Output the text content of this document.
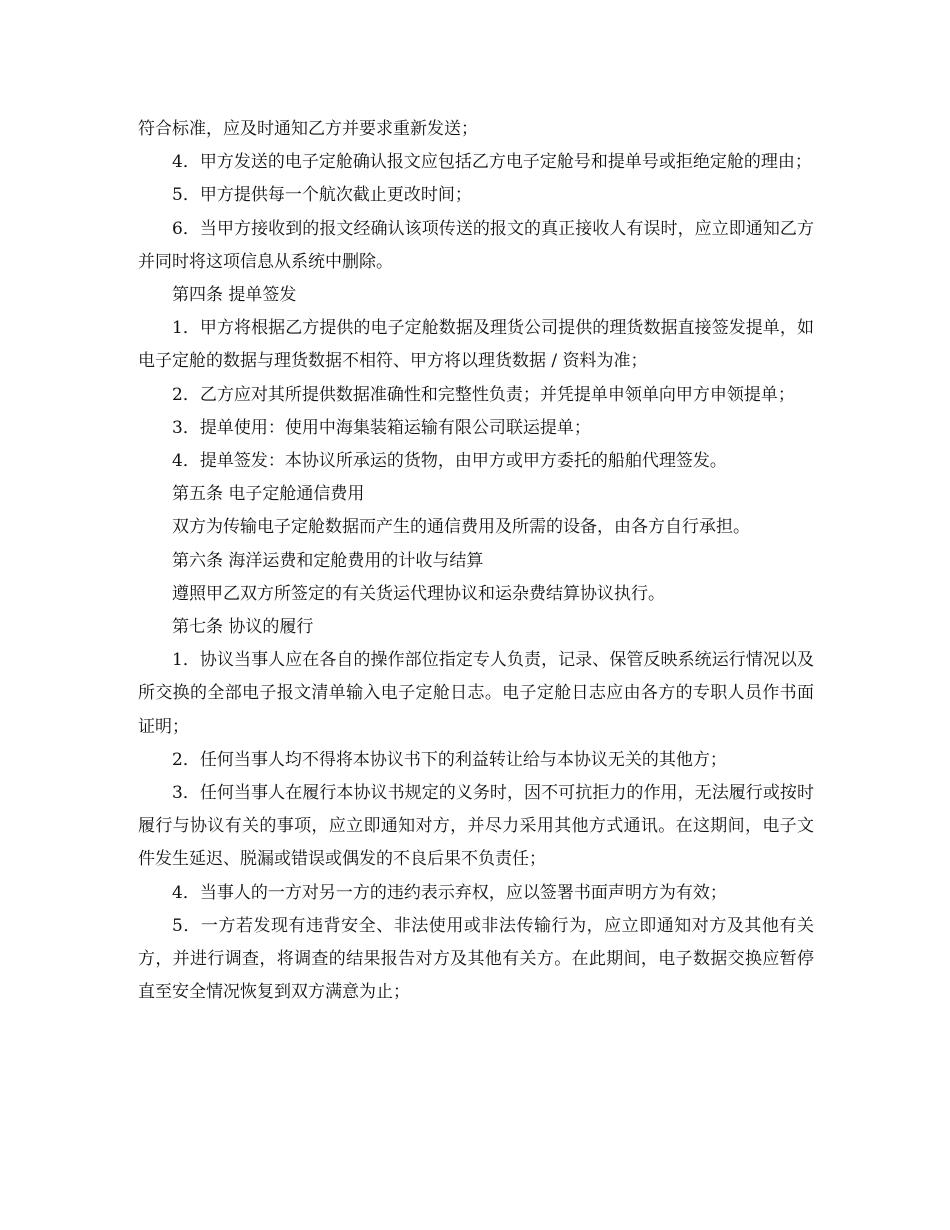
符合标准，应及时通知乙方并要求重新发送；

4．甲方发送的电子定舱确认报文应包括乙方电子定舱号和提单号或拒绝定舱的理由；

5．甲方提供每一个航次截止更改时间；

6．当甲方接收到的报文经确认该项传送的报文的真正接收人有误时，应立即通知乙方并同时将这项信息从系统中删除。

第四条 提单签发

1．甲方将根据乙方提供的电子定舱数据及理货公司提供的理货数据直接签发提单，如电子定舱的数据与理货数据不相符、甲方将以理货数据 / 资料为准；

2．乙方应对其所提供数据准确性和完整性负责；并凭提单申领单向甲方申领提单；

3．提单使用：使用中海集装箱运输有限公司联运提单；

4．提单签发：本协议所承运的货物，由甲方或甲方委托的船舶代理签发。

第五条 电子定舱通信费用

双方为传输电子定舱数据而产生的通信费用及所需的设备，由各方自行承担。

第六条 海洋运费和定舱费用的计收与结算

遵照甲乙双方所签定的有关货运代理协议和运杂费结算协议执行。

第七条 协议的履行

1．协议当事人应在各自的操作部位指定专人负责，记录、保管反映系统运行情况以及所交换的全部电子报文清单输入电子定舱日志。电子定舱日志应由各方的专职人员作书面证明；

2．任何当事人均不得将本协议书下的利益转让给与本协议无关的其他方；

3．任何当事人在履行本协议书规定的义务时，因不可抗拒力的作用，无法履行或按时履行与协议有关的事项，应立即通知对方，并尽力采用其他方式通讯。在这期间，电子文件发生延迟、脱漏或错误或偶发的不良后果不负责任；

4．当事人的一方对另一方的违约表示弃权，应以签署书面声明方为有效；

5．一方若发现有违背安全、非法使用或非法传输行为，应立即通知对方及其他有关方，并进行调查，将调查的结果报告对方及其他有关方。在此期间，电子数据交换应暂停直至安全情况恢复到双方满意为止；
